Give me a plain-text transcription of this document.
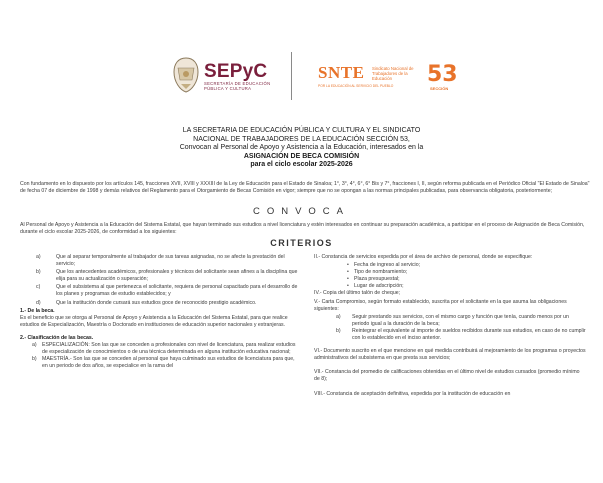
SEPyC
SECRETARÍA DE EDUCACIÓN
PÚBLICA Y CULTURA
SNTE	Sindicato Nacional de Trabajadores de la Educación
POR LA EDUCACIÓN AL SERVICIO DEL PUEBLO 53
SECCIÓN
LA SECRETARIA DE EDUCACIÓN PÚBLICA Y CULTURA Y EL SINDICATO
NACIONAL DE TRABAJADORES DE LA EDUCACIÓN SECCIÓN 53,
Convocan al Personal de Apoyo y Asistencia a la Educación, interesados en la
ASIGNACIÓN DE BECA COMISIÓN
para el ciclo escolar 2025-2026
Con fundamento en lo dispuesto por los artículos 145, fracciones XVII, XVIII y XXXIII de la Ley de Educación para el Estado de Sinaloa; 1°, 3°, 4°, 6°, 6° Bis y 7°, fracciones I, II, según reforma publicada en el Periódico Oficial "El Estado de Sinaloa" de fecha 07 de diciembre de 1998 y demás relativos del Reglamento para el Otorgamiento de Becas Comisión en vigor; siempre que no se opongan a las normas principales publicadas, para observancia obligatoria, posteriormente;
CONVOCA
Al Personal de Apoyo y Asistencia a la Educación del Sistema Estatal, que hayan terminado sus estudios a nivel licenciatura y estén interesados en continuar su preparación académica, a participar en el proceso de Asignación de Beca Comisión, durante el ciclo escolar 2025-2026, de conformidad a los siguientes:
CRITERIOS
a)	Que al separar temporalmente al trabajador de sus tareas asignadas, no se afecte la prestación del servicio;
b)	Que los antecedentes académicos, profesionales y técnicos del solicitante sean afines a la disciplina que elija para su actualización o superación;
c)	Que el subsistema al que pertenezca el solicitante, requiera de personal capacitado para el desarrollo de los planes y programas de estudio establecidos; y
d)	Que la institución donde cursará sus estudios goce de reconocido prestigio académico.
1.- De la beca.
Es el beneficio que se otorga al Personal de Apoyo y Asistencia a la Educación del Sistema Estatal, para que realice estudios de Especialización, Maestría o Doctorado en instituciones de educación superior nacionales y extranjeras.
2.- Clasificación de las becas.
a) ESPECIALIZACIÓN: Son las que se conceden a profesionales con nivel de licenciatura, para realizar estudios de especialización de conocimientos o de una técnica determinada en alguna institución educativa nacional;
b) MAESTRÍA.- Son las que se conceden al personal que haya culminado sus estudios de licenciatura para que, en un periodo de dos años, se especialice en la rama del
II.- Constancia de servicios expedida por el área de archivo de personal, donde se especifique:
• Fecha de ingreso al servicio;
• Tipo de nombramiento;
• Plaza presupuestal;
• Lugar de adscripción;
IV.- Copia del último talón de cheque;
V.- Carta Compromiso, según formato establecido, suscrita por el solicitante en la que asuma las obligaciones siguientes:
a) Seguir prestando sus servicios, con el mismo cargo y función que tenía, cuando menos por un periodo igual a la duración de la beca;
b) Reintegrar el equivalente al importe de sueldos recibidos durante sus estudios, en caso de no cumplir con lo establecido en el inciso anterior.
VI.- Documento suscrito en el que mencione en qué medida contribuirá al mejoramiento de los programas o proyectos administrativos del subsistema en que presta sus servicios;
VII.- Constancia del promedio de calificaciones obtenidas en el último nivel de estudios cursados (promedio mínimo de 8);
VIII.- Constancia de aceptación definitiva, expedida por la institución de educación en
